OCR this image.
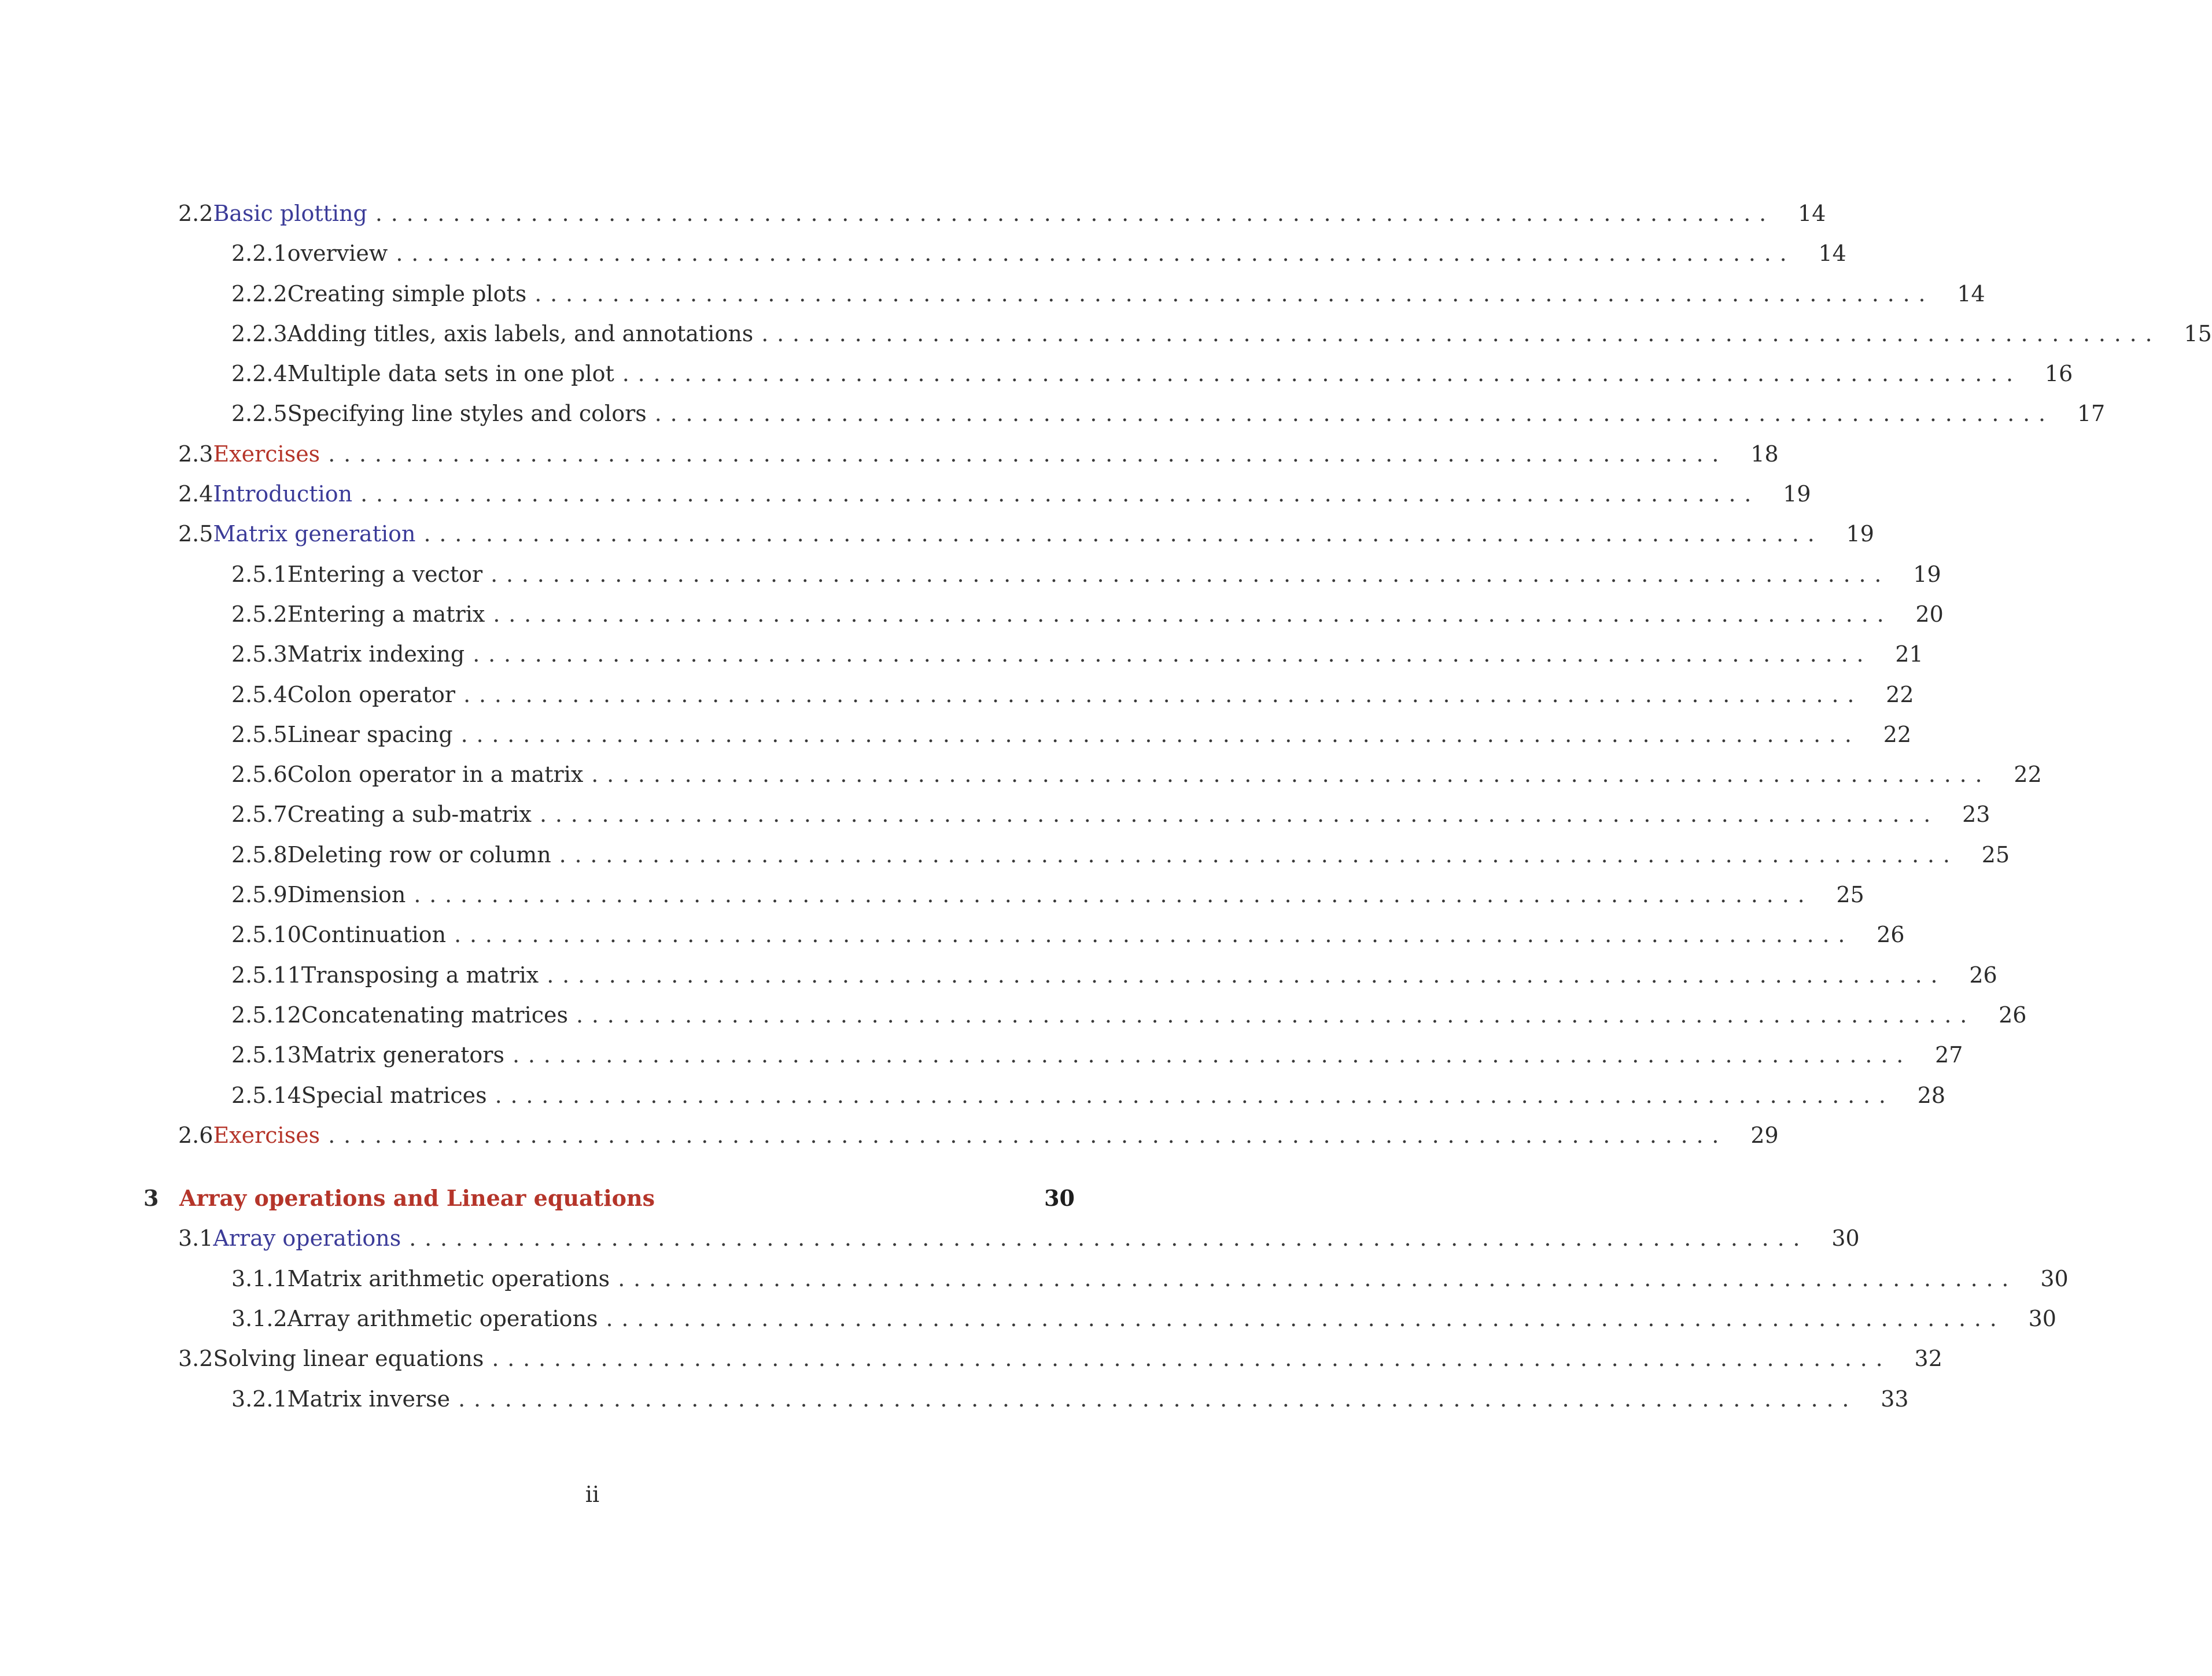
2.2 Basic plotting .......................................................................................... 14
2.2.1 overview .......................................................................................... 14
2.2.2 Creating simple plots .......................................................................................... 14
2.2.3 Adding titles, axis labels, and annotations .......................................................................................... 15
2.2.4 Multiple data sets in one plot .......................................................................................... 16
2.2.5 Specifying line styles and colors .......................................................................................... 17
2.3 Exercises .......................................................................................... 18
2.4 Introduction .......................................................................................... 19
2.5 Matrix generation .......................................................................................... 19
2.5.1 Entering a vector .......................................................................................... 19
2.5.2 Entering a matrix .......................................................................................... 20
2.5.3 Matrix indexing .......................................................................................... 21
2.5.4 Colon operator .......................................................................................... 22
2.5.5 Linear spacing .......................................................................................... 22
2.5.6 Colon operator in a matrix .......................................................................................... 22
2.5.7 Creating a sub-matrix .......................................................................................... 23
2.5.8 Deleting row or column .......................................................................................... 25
2.5.9 Dimension .......................................................................................... 25
2.5.10 Continuation .......................................................................................... 26
2.5.11 Transposing a matrix .......................................................................................... 26
2.5.12 Concatenating matrices .......................................................................................... 26
2.5.13 Matrix generators .......................................................................................... 27
2.5.14 Special matrices .......................................................................................... 28
2.6 Exercises .......................................................................................... 29
3 Array operations and Linear equations	30
3.1 Array operations .......................................................................................... 30
3.1.1 Matrix arithmetic operations .......................................................................................... 30
3.1.2 Array arithmetic operations .......................................................................................... 30
3.2 Solving linear equations .......................................................................................... 32
3.2.1 Matrix inverse .......................................................................................... 33
ii
